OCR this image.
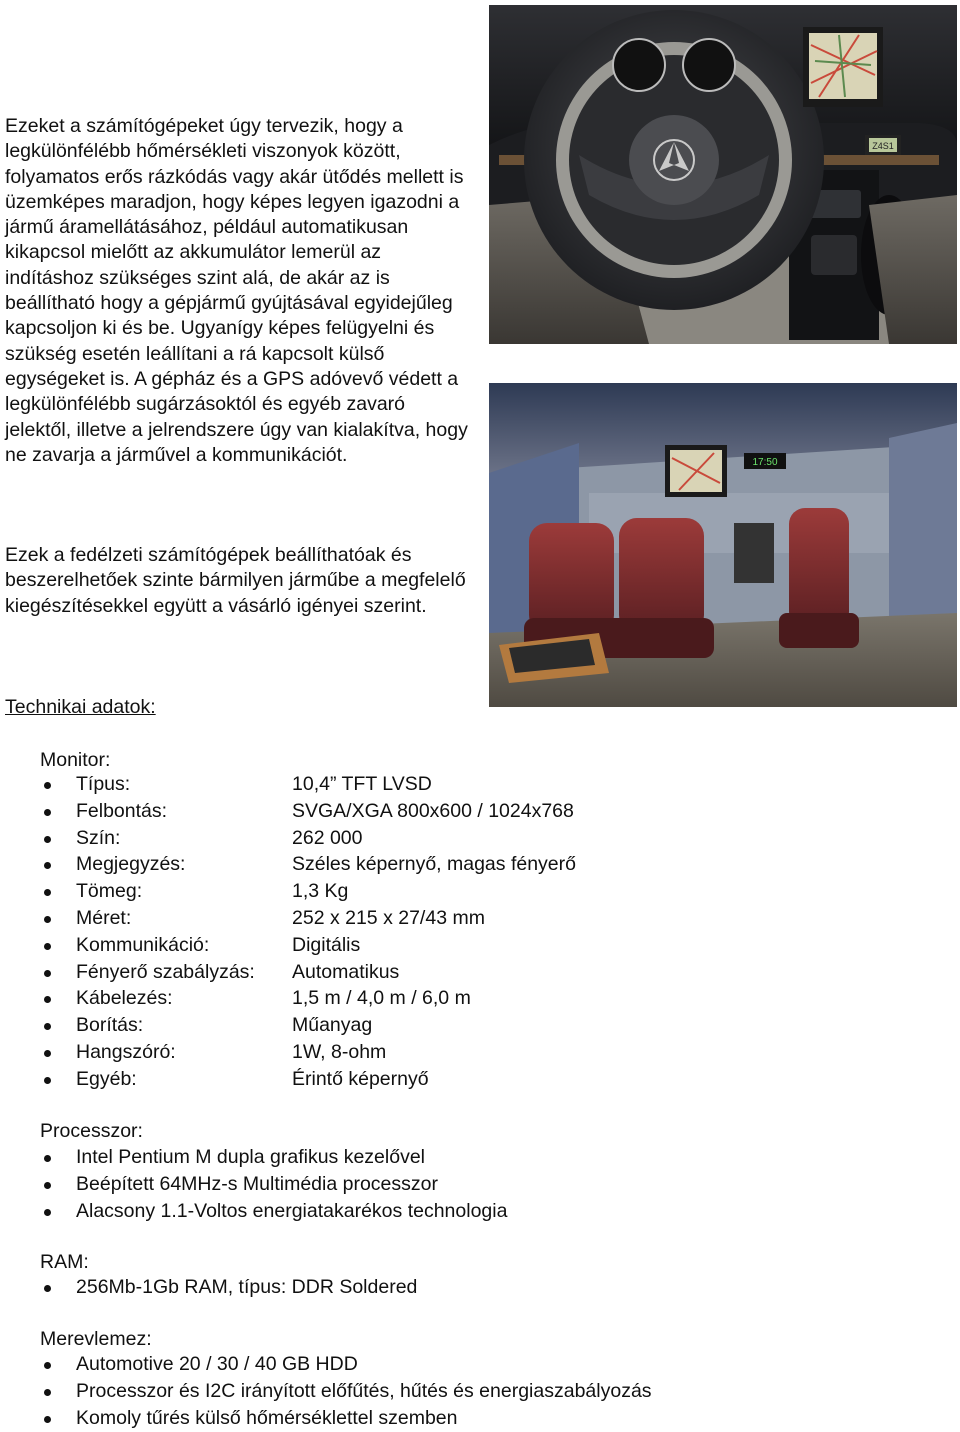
Ezeket a számítógépeket úgy tervezik, hogy a legkülönfélébb hőmérsékleti viszonyok között, folyamatos erős rázkódás vagy akár ütődés mellett is üzemképes maradjon, hogy képes legyen igazodni a jármű áramellátásához, például automatikusan kikapcsol mielőtt az akkumulátor lemerül az indításhoz szükséges szint alá, de akár az is beállítható hogy a gépjármű gyújtásával egyidejűleg kapcsoljon ki és be. Ugyanígy képes felügyelni és szükség esetén leállítani a rá kapcsolt külső egységeket is. A gépház és a GPS adóvevő védett a legkülönfélébb sugárzásoktól és egyéb zavaró jelektől, illetve a jelrendszere úgy van kialakítva, hogy ne zavarja a járművel a kommunikációt.
Ezek a fedélzeti számítógépek beállíthatóak és beszerelhetőek szinte bármilyen járműbe a megfelelő kiegészítésekkel együtt a vásárló igényei szerint.
Z4S1
17:50
Technikai adatok:
Monitor:
Típus:	10,4” TFT LVSD
Felbontás:	SVGA/XGA 800x600 / 1024x768
Szín:	262 000
Megjegyzés:	Széles képernyő, magas fényerő
Tömeg:	1,3 Kg
Méret:	252 x 215 x 27/43 mm
Kommunikáció:	Digitális
Fényerő szabályzás: Automatikus
Kábelezés:	1,5 m / 4,0 m / 6,0 m
Borítás:	Műanyag
Hangszóró:	1W, 8-ohm
Egyéb:	Érintő képernyő
Processzor:
Intel Pentium M dupla grafikus kezelővel
Beépített 64MHz-s Multimédia processzor
Alacsony 1.1-Voltos energiatakarékos technologia
RAM:
256Mb-1Gb RAM, típus: DDR Soldered
Merevlemez:
Automotive 20 / 30 / 40 GB HDD
Processzor és I2C irányított előfűtés, hűtés és energiaszabályozás
Komoly tűrés külső hőmérséklettel szemben
